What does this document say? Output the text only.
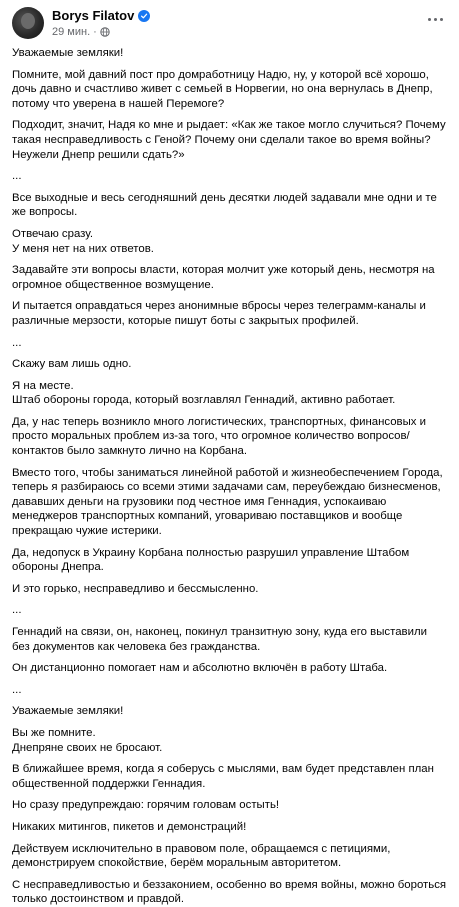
Borys Filatov
29 мин. ·

Уважаемые земляки!

Помните, мой давний пост про домработницу Надю, ну, у которой всё хорошо, дочь давно и счастливо живет с семьей в Норвегии, но она вернулась в Днепр, потому что уверена в нашей Перемоге?

Подходит, значит, Надя ко мне и рыдает: «Как же такое могло случиться? Почему такая несправедливость с Геной? Почему они сделали такое во время войны? Неужели Днепр решили сдать?»

...

Все выходные и весь сегодняшний день десятки людей задавали мне одни и те же вопросы.

Отвечаю сразу.
У меня нет на них ответов.

Задавайте эти вопросы власти, которая молчит уже который день, несмотря на огромное общественное возмущение.

И пытается оправдаться через анонимные вбросы через телеграмм-каналы и различные мерзости, которые пишут боты с закрытых профилей.

...

Скажу вам лишь одно.

Я на месте.
Штаб обороны города, который возглавлял Геннадий, активно работает.

Да, у нас теперь возникло много логистических, транспортных, финансовых и просто моральных проблем из-за того, что огромное количество вопросов/контактов было замкнуто лично на Корбана.

Вместо того, чтобы заниматься линейной работой и жизнеобеспечением Города, теперь я разбираюсь со всеми этими задачами сам, переубеждаю бизнесменов, дававших деньги на грузовики под честное имя Геннадия, успокаиваю менеджеров транспортных компаний, уговариваю поставщиков и вообще прекращаю чужие истерики.

Да, недопуск в Украину Корбана полностью разрушил управление Штабом обороны Днепра.

И это горько, несправедливо и бессмысленно.

...

Геннадий на связи, он, наконец, покинул транзитную зону, куда его выставили без документов как человека без гражданства.

Он дистанционно помогает нам и абсолютно включён в работу Штаба.

...

Уважаемые земляки!

Вы же помните.
Днепряне своих не бросают.

В ближайшее время, когда я соберусь с мыслями, вам будет представлен план общественной поддержки Геннадия.

Но сразу предупреждаю: горячим головам остыть!

Никаких митингов, пикетов и демонстраций!

Действуем исключительно в правовом поле, обращаемся с петициями, демонстрируем спокойствие, берём моральным авторитетом.

С несправедливостью и беззаконием, особенно во время войны, можно бороться только достоинством и правдой.
